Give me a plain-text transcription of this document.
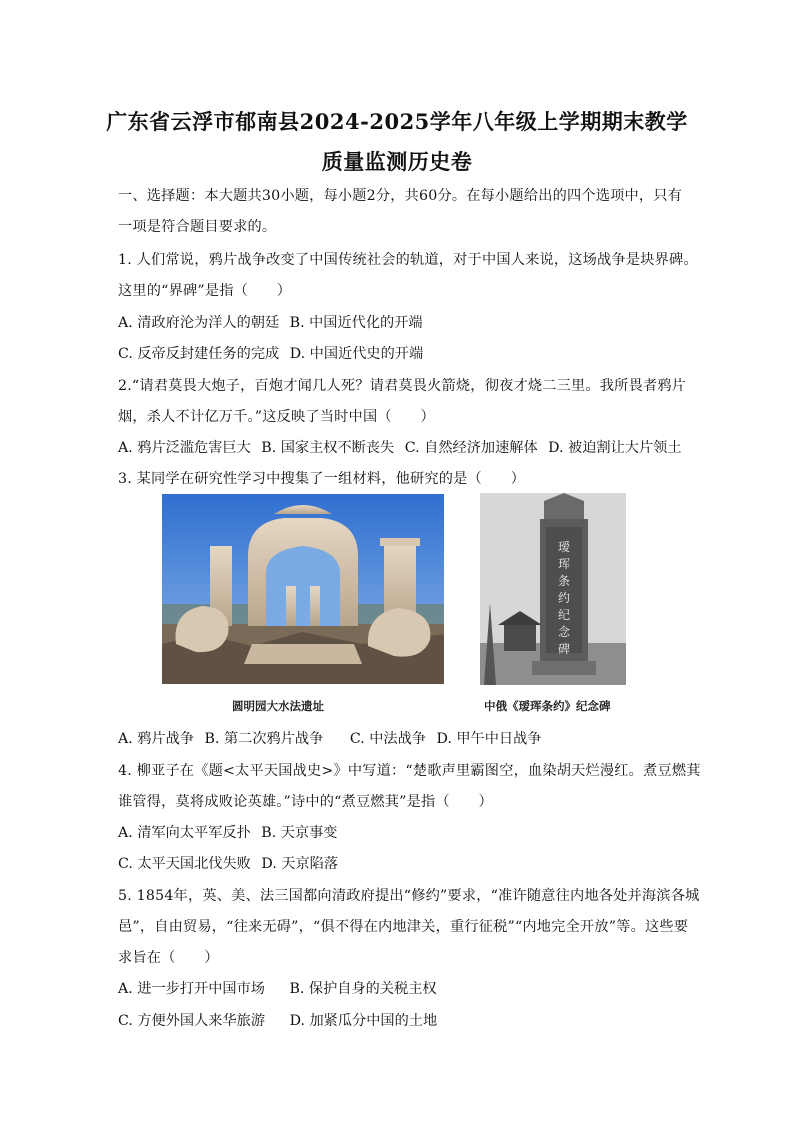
广东省云浮市郁南县2024-2025学年八年级上学期期末教学
质量监测历史卷
一、选择题：本大题共30小题，每小题2分，共60分。在每小题给出的四个选项中，只有
一项是符合题目要求的。
1. 人们常说，鸦片战争改变了中国传统社会的轨道，对于中国人来说，这场战争是块界碑。
这里的“界碑”是指（　　）
A. 清政府沦为洋人的朝廷 B. 中国近代化的开端
C. 反帝反封建任务的完成 D. 中国近代史的开端
2.“请君莫畏大炮子，百炮才闻几人死？请君莫畏火箭烧，彻夜才烧二三里。我所畏者鸦片
烟，杀人不计亿万千。”这反映了当时中国（　　）
A. 鸦片泛滥危害巨大 B. 国家主权不断丧失 C. 自然经济加速解体 D. 被迫割让大片领土
3. 某同学在研究性学习中搜集了一组材料，他研究的是（　　）
圆明园大水法遗址
瑷珲条约纪念碑
中俄《瑷珲条约》纪念碑
A. 鸦片战争 B. 第二次鸦片战争 C. 中法战争 D. 甲午中日战争
4. 柳亚子在《题<太平天国战史>》中写道：“楚歌声里霸图空，血染胡天烂漫红。煮豆燃萁
谁管得，莫将成败论英雄。”诗中的“煮豆燃萁”是指（　　）
A. 清军向太平军反扑 B. 天京事变
C. 太平天国北伐失败 D. 天京陷落
5. 1854年，英、美、法三国都向清政府提出“修约”要求，“准许随意往内地各处并海滨各城
邑”，自由贸易，“往来无碍”，“俱不得在内地津关，重行征税”“内地完全开放”等。这些要
求旨在（　　）
A. 进一步打开中国市场 B. 保护自身的关税主权
C. 方便外国人来华旅游 D. 加紧瓜分中国的土地
